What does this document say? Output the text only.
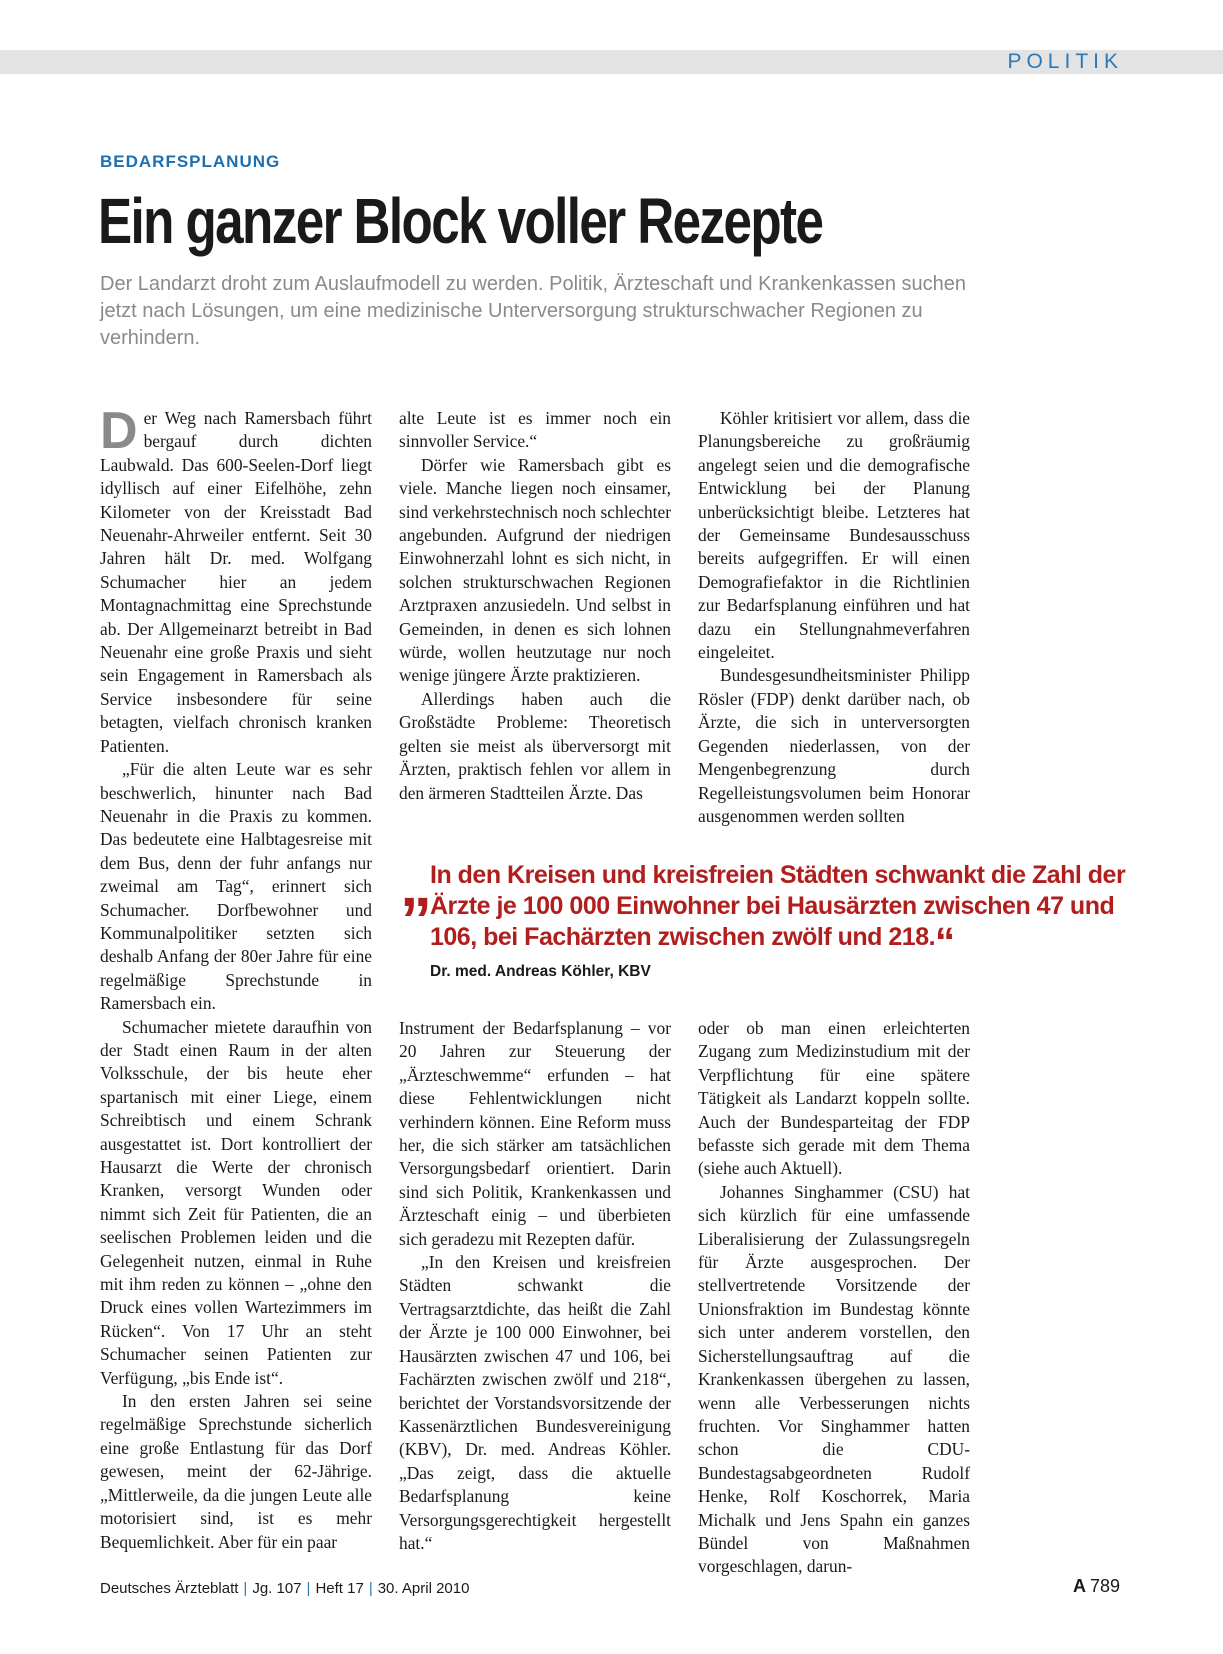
POLITIK
BEDARFSPLANUNG
Ein ganzer Block voller Rezepte

Der Landarzt droht zum Auslaufmodell zu werden. Politik, Ärzteschaft und Krankenkassen suchen jetzt nach Lösungen, um eine medizinische Unterversorgung strukturschwacher Regionen zu verhindern.

Der Weg nach Ramersbach führt bergauf durch dichten Laubwald. Das 600-Seelen-Dorf liegt idyllisch auf einer Eifelhöhe, zehn Kilometer von der Kreisstadt Bad Neuenahr-Ahrweiler entfernt. Seit 30 Jahren hält Dr. med. Wolfgang Schumacher hier an jedem Montagnachmittag eine Sprechstunde ab. Der Allgemeinarzt betreibt in Bad Neuenahr eine große Praxis und sieht sein Engagement in Ramersbach als Service insbesondere für seine betagten, vielfach chronisch kranken Patienten.

„Für die alten Leute war es sehr beschwerlich, hinunter nach Bad Neuenahr in die Praxis zu kommen. Das bedeutete eine Halbtagesreise mit dem Bus, denn der fuhr anfangs nur zweimal am Tag“, erinnert sich Schumacher. Dorfbewohner und Kommunalpolitiker setzten sich deshalb Anfang der 80er Jahre für eine regelmäßige Sprechstunde in Ramersbach ein.

Schumacher mietete daraufhin von der Stadt einen Raum in der alten Volksschule, der bis heute eher spartanisch mit einer Liege, einem Schreibtisch und einem Schrank ausgestattet ist. Dort kontrolliert der Hausarzt die Werte der chronisch Kranken, versorgt Wunden oder nimmt sich Zeit für Patienten, die an seelischen Problemen leiden und die Gelegenheit nutzen, einmal in Ruhe mit ihm reden zu können – „ohne den Druck eines vollen Wartezimmers im Rücken“. Von 17 Uhr an steht Schumacher seinen Patienten zur Verfügung, „bis Ende ist“.

In den ersten Jahren sei seine regelmäßige Sprechstunde sicherlich eine große Entlastung für das Dorf gewesen, meint der 62-Jährige. „Mittlerweile, da die jungen Leute alle motorisiert sind, ist es mehr Bequemlichkeit. Aber für ein paar

alte Leute ist es immer noch ein sinnvoller Service.“

Dörfer wie Ramersbach gibt es viele. Manche liegen noch einsamer, sind verkehrstechnisch noch schlechter angebunden. Aufgrund der niedrigen Einwohnerzahl lohnt es sich nicht, in solchen strukturschwachen Regionen Arztpraxen anzusiedeln. Und selbst in Gemeinden, in denen es sich lohnen würde, wollen heutzutage nur noch wenige jüngere Ärzte praktizieren.

Allerdings haben auch die Großstädte Probleme: Theoretisch gelten sie meist als überversorgt mit Ärzten, praktisch fehlen vor allem in den ärmeren Stadtteilen Ärzte. Das

Köhler kritisiert vor allem, dass die Planungsbereiche zu großräumig angelegt seien und die demografische Entwicklung bei der Planung unberücksichtigt bleibe. Letzteres hat der Gemeinsame Bundesausschuss bereits aufgegriffen. Er will einen Demografiefaktor in die Richtlinien zur Bedarfsplanung einführen und hat dazu ein Stellungnahmeverfahren eingeleitet.

Bundesgesundheitsminister Philipp Rösler (FDP) denkt darüber nach, ob Ärzte, die sich in unterversorgten Gegenden niederlassen, von der Mengenbegrenzung durch Regelleistungsvolumen beim Honorar ausgenommen werden sollten

„

In den Kreisen und kreisfreien Städten schwankt die Zahl der Ärzte je 100 000 Einwohner bei Hausärzten zwischen 47 und 106, bei Fachärzten zwischen zwölf und 218.“

Dr. med. Andreas Köhler, KBV

Instrument der Bedarfsplanung – vor 20 Jahren zur Steuerung der „Ärzteschwemme“ erfunden – hat diese Fehlentwicklungen nicht verhindern können. Eine Reform muss her, die sich stärker am tatsächlichen Versorgungsbedarf orientiert. Darin sind sich Politik, Krankenkassen und Ärzteschaft einig – und überbieten sich geradezu mit Rezepten dafür.

„In den Kreisen und kreisfreien Städten schwankt die Vertragsarztdichte, das heißt die Zahl der Ärzte je 100 000 Einwohner, bei Hausärzten zwischen 47 und 106, bei Fachärzten zwischen zwölf und 218“, berichtet der Vorstandsvorsitzende der Kassenärztlichen Bundesvereinigung (KBV), Dr. med. Andreas Köhler. „Das zeigt, dass die aktuelle Bedarfsplanung keine Versorgungsgerechtigkeit hergestellt hat.“

oder ob man einen erleichterten Zugang zum Medizinstudium mit der Verpflichtung für eine spätere Tätigkeit als Landarzt koppeln sollte. Auch der Bundesparteitag der FDP befasste sich gerade mit dem Thema (siehe auch Aktuell).

Johannes Singhammer (CSU) hat sich kürzlich für eine umfassende Liberalisierung der Zulassungsregeln für Ärzte ausgesprochen. Der stellvertretende Vorsitzende der Unionsfraktion im Bundestag könnte sich unter anderem vorstellen, den Sicherstellungsauftrag auf die Krankenkassen übergehen zu lassen, wenn alle Verbesserungen nichts fruchten. Vor Singhammer hatten schon die CDU-Bundestagsabgeordneten Rudolf Henke, Rolf Koschorrek, Maria Michalk und Jens Spahn ein ganzes Bündel von Maßnahmen vorgeschlagen, darun-

Deutsches Ärzteblatt | Jg. 107 | Heft 17 | 30. April 2010	A 789
